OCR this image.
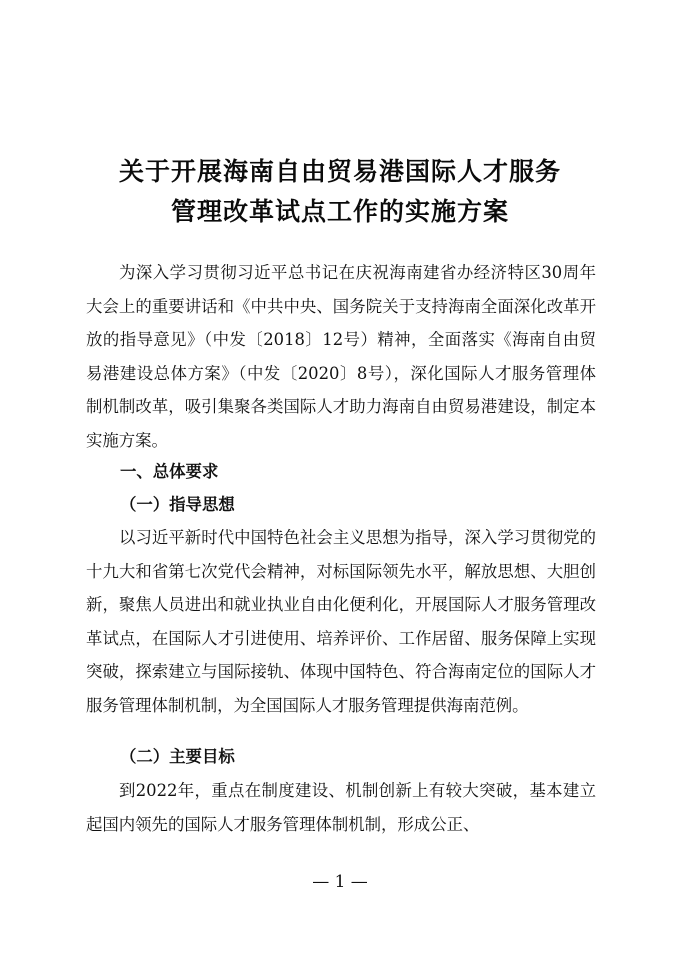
关于开展海南自由贸易港国际人才服务
管理改革试点工作的实施方案

为深入学习贯彻习近平总书记在庆祝海南建省办经济特区30周年大会上的重要讲话和《中共中央、国务院关于支持海南全面深化改革开放的指导意见》（中发〔2018〕12号）精神，全面落实《海南自由贸易港建设总体方案》（中发〔2020〕8号），深化国际人才服务管理体制机制改革，吸引集聚各类国际人才助力海南自由贸易港建设，制定本实施方案。

一、总体要求
（一）指导思想

以习近平新时代中国特色社会主义思想为指导，深入学习贯彻党的十九大和省第七次党代会精神，对标国际领先水平，解放思想、大胆创新，聚焦人员进出和就业执业自由化便利化，开展国际人才服务管理改革试点，在国际人才引进使用、培养评价、工作居留、服务保障上实现突破，探索建立与国际接轨、体现中国特色、符合海南定位的国际人才服务管理体制机制，为全国国际人才服务管理提供海南范例。

（二）主要目标

到2022年，重点在制度建设、机制创新上有较大突破，基本建立起国内领先的国际人才服务管理体制机制，形成公正、

— 1 —
